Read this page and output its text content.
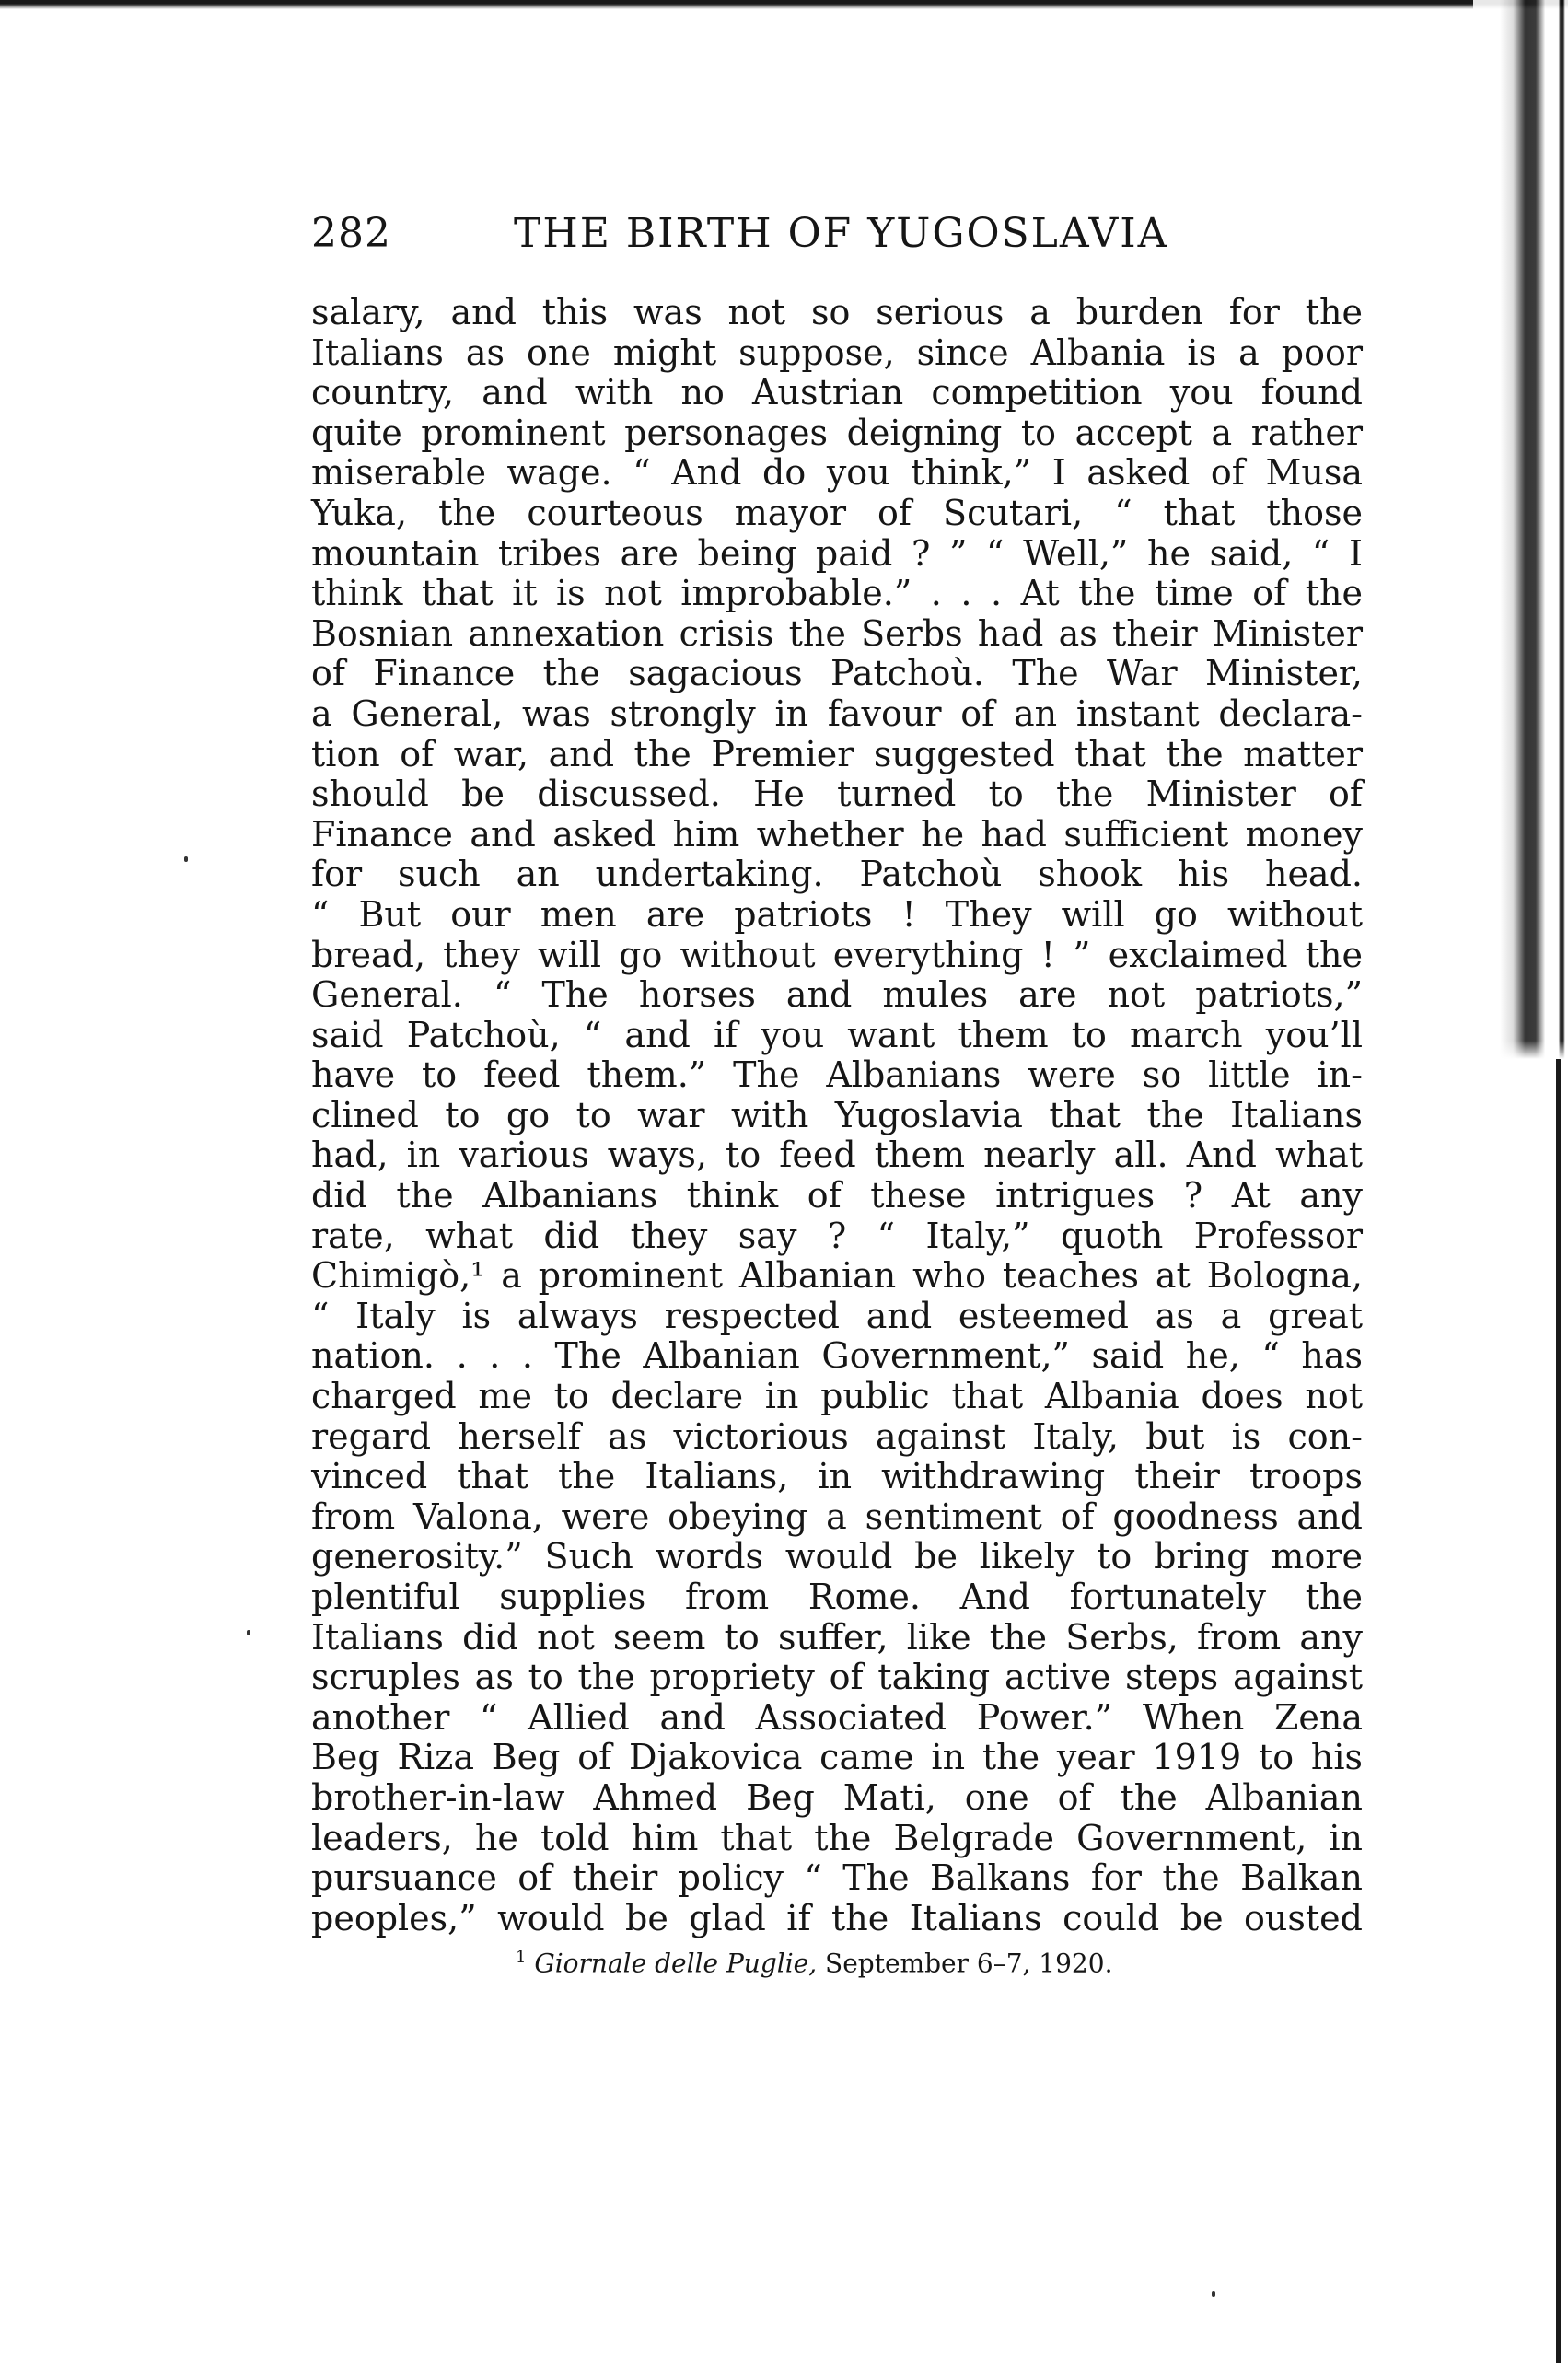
282	THE BIRTH OF YUGOSLAVIA
salary, and this was not so serious a burden for the
Italians as one might suppose, since Albania is a poor
country, and with no Austrian competition you found
quite prominent personages deigning to accept a rather
miserable wage. “ And do you think,” I asked of Musa
Yuka, the courteous mayor of Scutari, “ that those
mountain tribes are being paid ? ” “ Well,” he said, “ I
think that it is not improbable.” . . . At the time of the
Bosnian annexation crisis the Serbs had as their Minister
of Finance the sagacious Patchoù. The War Minister,
a General, was strongly in favour of an instant declara-
tion of war, and the Premier suggested that the matter
should be discussed. He turned to the Minister of
Finance and asked him whether he had sufficient money
for such an undertaking. Patchoù shook his head.
“ But our men are patriots ! They will go without
bread, they will go without everything ! ” exclaimed the
General. “ The horses and mules are not patriots,”
said Patchoù, “ and if you want them to march you’ll
have to feed them.” The Albanians were so little in-
clined to go to war with Yugoslavia that the Italians
had, in various ways, to feed them nearly all. And what
did the Albanians think of these intrigues ? At any
rate, what did they say ? “ Italy,” quoth Professor
Chimigò,¹ a prominent Albanian who teaches at Bologna,
“ Italy is always respected and esteemed as a great
nation. . . . The Albanian Government,” said he, “ has
charged me to declare in public that Albania does not
regard herself as victorious against Italy, but is con-
vinced that the Italians, in withdrawing their troops
from Valona, were obeying a sentiment of goodness and
generosity.” Such words would be likely to bring more
plentiful supplies from Rome. And fortunately the
Italians did not seem to suffer, like the Serbs, from any
scruples as to the propriety of taking active steps against
another “ Allied and Associated Power.” When Zena
Beg Riza Beg of Djakovica came in the year 1919 to his
brother-in-law Ahmed Beg Mati, one of the Albanian
leaders, he told him that the Belgrade Government, in
pursuance of their policy “ The Balkans for the Balkan
peoples,” would be glad if the Italians could be ousted
$^1$ Giornale delle Puglie, September 6–7, 1920.
